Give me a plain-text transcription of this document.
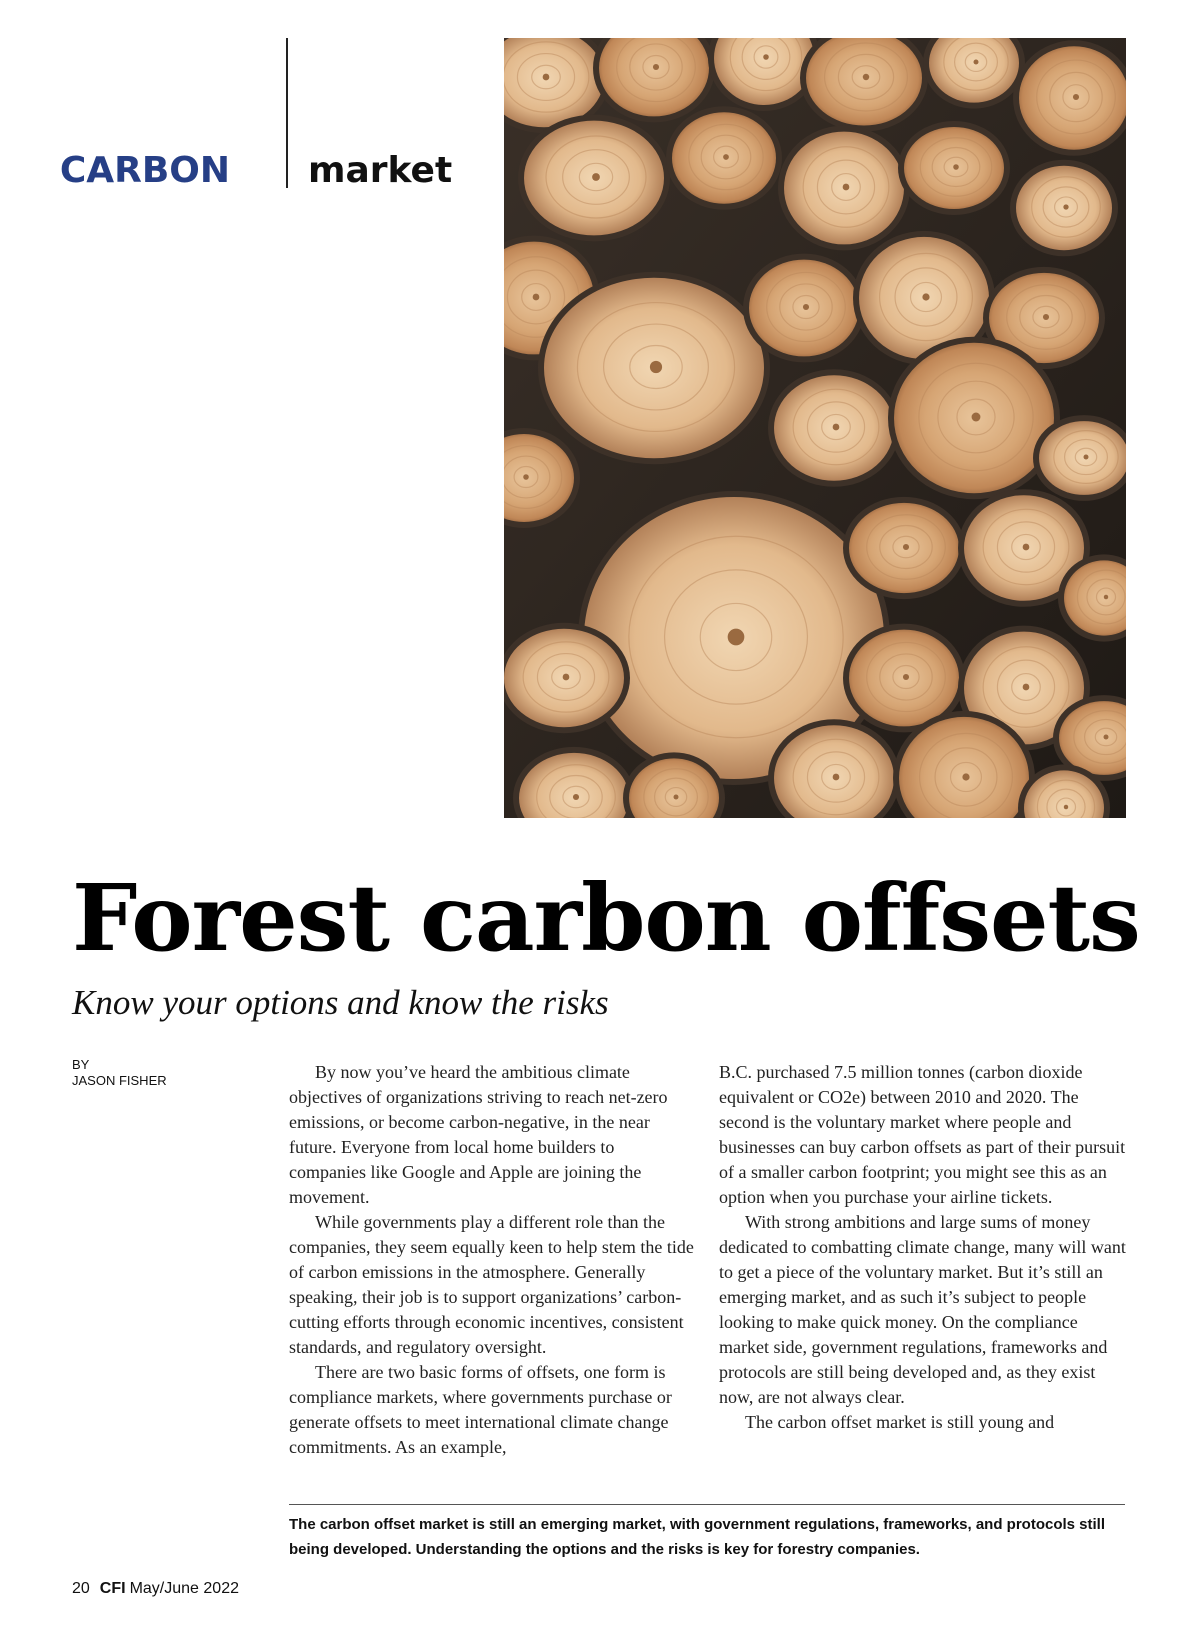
CARBON market
Forest carbon offsets

Know your options and know the risks

BY
JASON FISHER	By now you’ve heard the ambitious climate objectives of organizations striving to reach net-zero emissions, or become carbon-negative, in the near future. Everyone from local home builders to companies like Google and Apple are joining the movement.

While governments play a different role than the companies, they seem equally keen to help stem the tide of carbon emissions in the atmosphere. Generally speaking, their job is to support organizations’ carbon-cutting efforts through economic incentives, consistent standards, and regulatory oversight.

There are two basic forms of offsets, one form is compliance markets, where governments purchase or generate offsets to meet international climate change commitments. As an example,

B.C. purchased 7.5 million tonnes (carbon dioxide equivalent or CO2e) between 2010 and 2020. The second is the voluntary market where people and businesses can buy carbon offsets as part of their pursuit of a smaller carbon footprint; you might see this as an option when you purchase your airline tickets.

With strong ambitions and large sums of money dedicated to combatting climate change, many will want to get a piece of the voluntary market. But it’s still an emerging market, and as such it’s subject to people looking to make quick money. On the compliance market side, government regulations, frameworks and protocols are still being developed and, as they exist now, are not always clear.

The carbon offset market is still young and

The carbon offset market is still an emerging market, with government regulations, frameworks, and protocols still being developed. Understanding the options and the risks is key for forestry companies.
20 CFI May/June 2022
